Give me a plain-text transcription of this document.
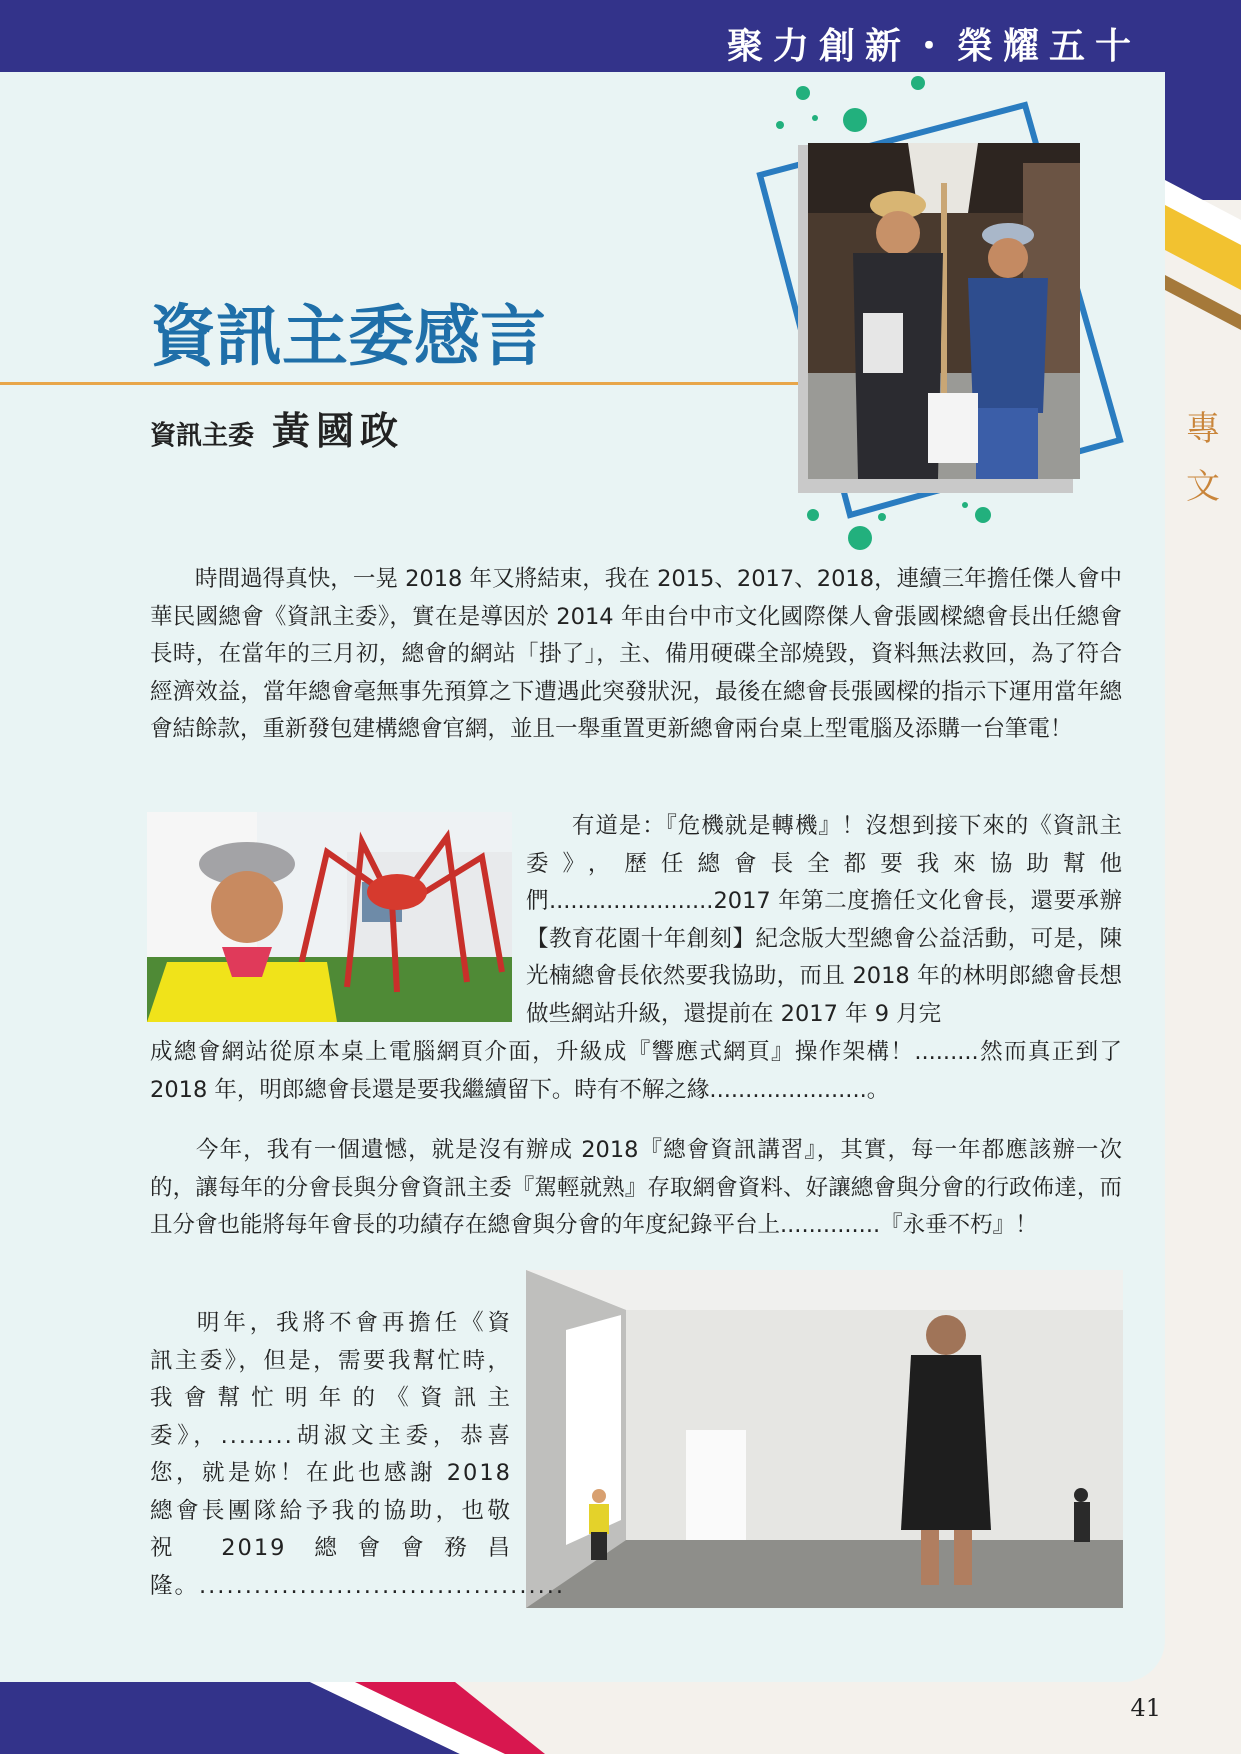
聚力創新・榮耀五十
專
文
資訊主委感言
資訊主委 黃國政

時間過得真快，一晃 2018 年又將結束，我在 2015、2017、2018，連續三年擔任傑人會中華民國總會《資訊主委》，實在是導因於 2014 年由台中市文化國際傑人會張國樑總會長出任總會長時，在當年的三月初，總會的網站「掛了」，主、備用硬碟全部燒毀，資料無法救回，為了符合經濟效益，當年總會毫無事先預算之下遭遇此突發狀況，最後在總會長張國樑的指示下運用當年總會結餘款，重新發包建構總會官網，並且一舉重置更新總會兩台桌上型電腦及添購一台筆電！

有道是：『危機就是轉機』！沒想到接下來的《資訊主委》，歷任總會長全都要我來協助幫他們.......................2017 年第二度擔任文化會長，還要承辦【教育花園十年創刻】紀念版大型總會公益活動，可是，陳光楠總會長依然要我協助，而且 2018 年的林明郎總會長想做些網站升級，還提前在 2017 年 9 月完

成總會網站從原本桌上電腦網頁介面，升級成『響應式網頁』操作架構！.........然而真正到了 2018 年，明郎總會長還是要我繼續留下。時有不解之緣......................。

今年，我有一個遺憾，就是沒有辦成 2018『總會資訊講習』，其實，每一年都應該辦一次的，讓每年的分會長與分會資訊主委『駕輕就熟』存取網會資料、好讓總會與分會的行政佈達，而且分會也能將每年會長的功績存在總會與分會的年度紀錄平台上..............『永垂不朽』！

明年，我將不會再擔任《資訊主委》，但是，需要我幫忙時，我會幫忙明年的《資訊主委》，........胡淑文主委，恭喜您，就是妳！在此也感謝 2018 總會長團隊給予我的協助，也敬祝 2019 總會會務昌隆。........................................

41
